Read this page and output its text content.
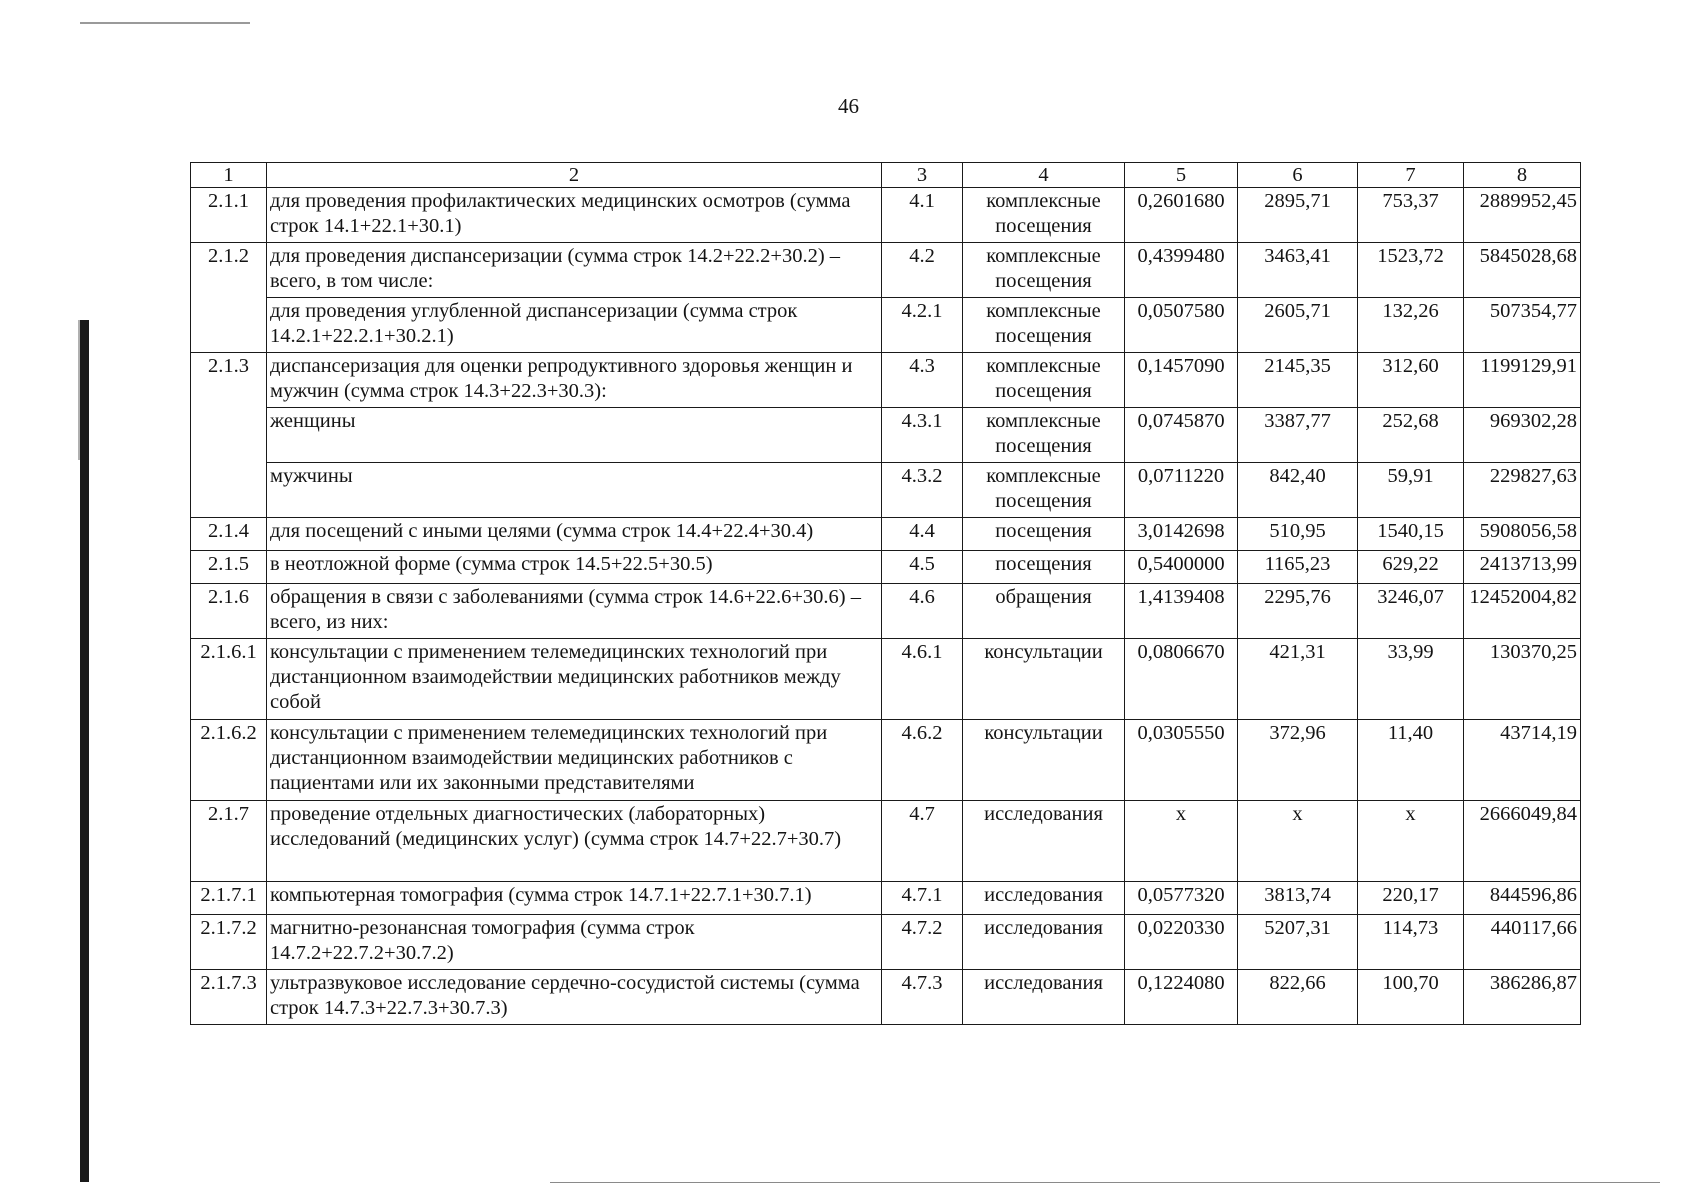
46
1	2	3	4	5	6	7	8
2.1.1	для проведения профилактических медицинских осмотров (сумма строк 14.1+22.1+30.1)	4.1	комплексные посещения	0,2601680	2895,71	753,37	2889952,45
2.1.2	для проведения диспансеризации (сумма строк 14.2+22.2+30.2) – всего, в том числе:	4.2	комплексные посещения	0,4399480	3463,41	1523,72	5845028,68
	для проведения углубленной диспансеризации (сумма строк 14.2.1+22.2.1+30.2.1)	4.2.1	комплексные посещения	0,0507580	2605,71	132,26	507354,77
2.1.3	диспансеризация для оценки репродуктивного здоровья женщин и мужчин (сумма строк 14.3+22.3+30.3):	4.3	комплексные посещения	0,1457090	2145,35	312,60	1199129,91
	женщины	4.3.1	комплексные посещения	0,0745870	3387,77	252,68	969302,28
	мужчины	4.3.2	комплексные посещения	0,0711220	842,40	59,91	229827,63
2.1.4	для посещений с иными целями (сумма строк 14.4+22.4+30.4)	4.4	посещения	3,0142698	510,95	1540,15	5908056,58
2.1.5	в неотложной форме (сумма строк 14.5+22.5+30.5)	4.5	посещения	0,5400000	1165,23	629,22	2413713,99
2.1.6	обращения в связи с заболеваниями (сумма строк 14.6+22.6+30.6) – всего, из них:	4.6	обращения	1,4139408	2295,76	3246,07	12452004,82
2.1.6.1	консультации с применением телемедицинских технологий при дистанционном взаимодействии медицинских работников между собой	4.6.1	консультации	0,0806670	421,31	33,99	130370,25
2.1.6.2	консультации с применением телемедицинских технологий при дистанционном взаимодействии медицинских работников с пациентами или их законными представителями	4.6.2	консультации	0,0305550	372,96	11,40	43714,19
2.1.7	проведение отдельных диагностических (лабораторных) исследований (медицинских услуг) (сумма строк 14.7+22.7+30.7)	4.7	исследования	х	х	х	2666049,84
2.1.7.1	компьютерная томография (сумма строк 14.7.1+22.7.1+30.7.1)	4.7.1	исследования	0,0577320	3813,74	220,17	844596,86
2.1.7.2	магнитно-резонансная томография (сумма строк 14.7.2+22.7.2+30.7.2)	4.7.2	исследования	0,0220330	5207,31	114,73	440117,66
2.1.7.3	ультразвуковое исследование сердечно-сосудистой системы (сумма строк 14.7.3+22.7.3+30.7.3)	4.7.3	исследования	0,1224080	822,66	100,70	386286,87
